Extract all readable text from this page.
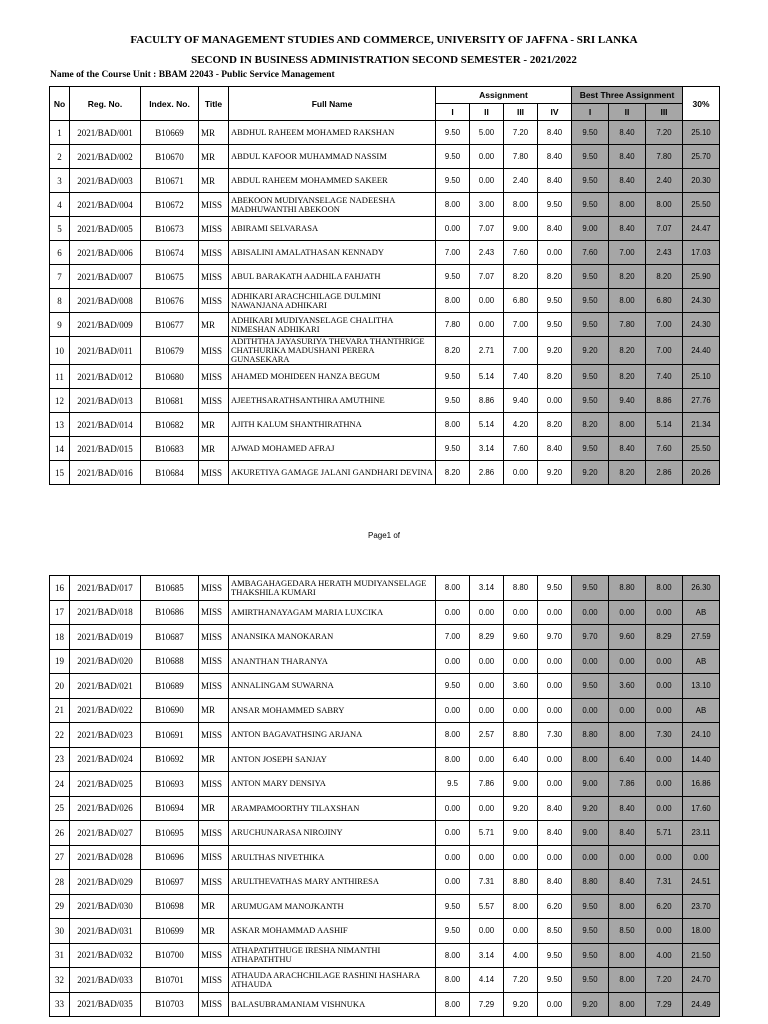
FACULTY OF MANAGEMENT STUDIES AND COMMERCE, UNIVERSITY OF JAFFNA - SRI LANKA
SECOND IN BUSINESS ADMINISTRATION SECOND SEMESTER - 2021/2022
Name of the Course Unit : BBAM 22043 - Public Service Management
No	Reg. No.	Index. No.	Title	Full Name	Assignment				Best Three Assignment			30%
					I	II	III	IV	I	II	III	
1	2021/BAD/001	B10669	MR	ABDHUL RAHEEM MOHAMED RAKSHAN	9.50	5.00	7.20	8.40	9.50	8.40	7.20	25.10
2	2021/BAD/002	B10670	MR	ABDUL KAFOOR MUHAMMAD NASSIM	9.50	0.00	7.80	8.40	9.50	8.40	7.80	25.70
3	2021/BAD/003	B10671	MR	ABDUL RAHEEM MOHAMMED SAKEER	9.50	0.00	2.40	8.40	9.50	8.40	2.40	20.30
4	2021/BAD/004	B10672	MISS	ABEKOON MUDIYANSELAGE NADEESHA MADHUWANTHI ABEKOON	8.00	3.00	8.00	9.50	9.50	8.00	8.00	25.50
5	2021/BAD/005	B10673	MISS	ABIRAMI SELVARASA	0.00	7.07	9.00	8.40	9.00	8.40	7.07	24.47
6	2021/BAD/006	B10674	MISS	ABISALINI AMALATHASAN KENNADY	7.00	2.43	7.60	0.00	7.60	7.00	2.43	17.03
7	2021/BAD/007	B10675	MISS	ABUL BARAKATH AADHILA FAHJATH	9.50	7.07	8.20	8.20	9.50	8.20	8.20	25.90
8	2021/BAD/008	B10676	MISS	ADHIKARI ARACHCHILAGE DULMINI NAWANJANA ADHIKARI	8.00	0.00	6.80	9.50	9.50	8.00	6.80	24.30
9	2021/BAD/009	B10677	MR	ADHIKARI MUDIYANSELAGE CHALITHA NIMESHAN ADHIKARI	7.80	0.00	7.00	9.50	9.50	7.80	7.00	24.30
10	2021/BAD/011	B10679	MISS	ADITHTHA JAYASURIYA THEVARA THANTHRIGE CHATHURIKA MADUSHANI PERERA GUNASEKARA	8.20	2.71	7.00	9.20	9.20	8.20	7.00	24.40
11	2021/BAD/012	B10680	MISS	AHAMED MOHIDEEN HANZA BEGUM	9.50	5.14	7.40	8.20	9.50	8.20	7.40	25.10
12	2021/BAD/013	B10681	MISS	AJEETHSARATHSANTHIRA AMUTHINE	9.50	8.86	9.40	0.00	9.50	9.40	8.86	27.76
13	2021/BAD/014	B10682	MR	AJITH KALUM SHANTHIRATHNA	8.00	5.14	4.20	8.20	8.20	8.00	5.14	21.34
14	2021/BAD/015	B10683	MR	AJWAD MOHAMED AFRAJ	9.50	3.14	7.60	8.40	9.50	8.40	7.60	25.50
15	2021/BAD/016	B10684	MISS	AKURETIYA GAMAGE JALANI GANDHARI DEVINA	8.20	2.86	0.00	9.20	9.20	8.20	2.86	20.26
Page1 of
16	2021/BAD/017	B10685	MISS	AMBAGAHAGEDARA HERATH MUDIYANSELAGE THAKSHILA KUMARI	8.00	3.14	8.80	9.50	9.50	8.80	8.00	26.30
17	2021/BAD/018	B10686	MISS	AMIRTHANAYAGAM MARIA LUXCIKA	0.00	0.00	0.00	0.00	0.00	0.00	0.00	AB
18	2021/BAD/019	B10687	MISS	ANANSIKA MANOKARAN	7.00	8.29	9.60	9.70	9.70	9.60	8.29	27.59
19	2021/BAD/020	B10688	MISS	ANANTHAN THARANYA	0.00	0.00	0.00	0.00	0.00	0.00	0.00	AB
20	2021/BAD/021	B10689	MISS	ANNALINGAM SUWARNA	9.50	0.00	3.60	0.00	9.50	3.60	0.00	13.10
21	2021/BAD/022	B10690	MR	ANSAR MOHAMMED SABRY	0.00	0.00	0.00	0.00	0.00	0.00	0.00	AB
22	2021/BAD/023	B10691	MISS	ANTON BAGAVATHSING ARJANA	8.00	2.57	8.80	7.30	8.80	8.00	7.30	24.10
23	2021/BAD/024	B10692	MR	ANTON JOSEPH SANJAY	8.00	0.00	6.40	0.00	8.00	6.40	0.00	14.40
24	2021/BAD/025	B10693	MISS	ANTON MARY DENSIYA	9.5	7.86	9.00	0.00	9.00	7.86	0.00	16.86
25	2021/BAD/026	B10694	MR	ARAMPAMOORTHY TILAXSHAN	0.00	0.00	9.20	8.40	9.20	8.40	0.00	17.60
26	2021/BAD/027	B10695	MISS	ARUCHUNARASA NIROJINY	0.00	5.71	9.00	8.40	9.00	8.40	5.71	23.11
27	2021/BAD/028	B10696	MISS	ARULTHAS NIVETHIKA	0.00	0.00	0.00	0.00	0.00	0.00	0.00	0.00
28	2021/BAD/029	B10697	MISS	ARULTHEVATHAS MARY ANTHIRESA	0.00	7.31	8.80	8.40	8.80	8.40	7.31	24.51
29	2021/BAD/030	B10698	MR	ARUMUGAM MANOJKANTH	9.50	5.57	8.00	6.20	9.50	8.00	6.20	23.70
30	2021/BAD/031	B10699	MR	ASKAR MOHAMMAD AASHIF	9.50	0.00	0.00	8.50	9.50	8.50	0.00	18.00
31	2021/BAD/032	B10700	MISS	ATHAPATHTHUGE IRESHA NIMANTHI ATHAPATHTHU	8.00	3.14	4.00	9.50	9.50	8.00	4.00	21.50
32	2021/BAD/033	B10701	MISS	ATHAUDA ARACHCHILAGE RASHINI HASHARA ATHAUDA	8.00	4.14	7.20	9.50	9.50	8.00	7.20	24.70
33	2021/BAD/035	B10703	MISS	BALASUBRAMANIAM VISHNUKA	8.00	7.29	9.20	0.00	9.20	8.00	7.29	24.49
